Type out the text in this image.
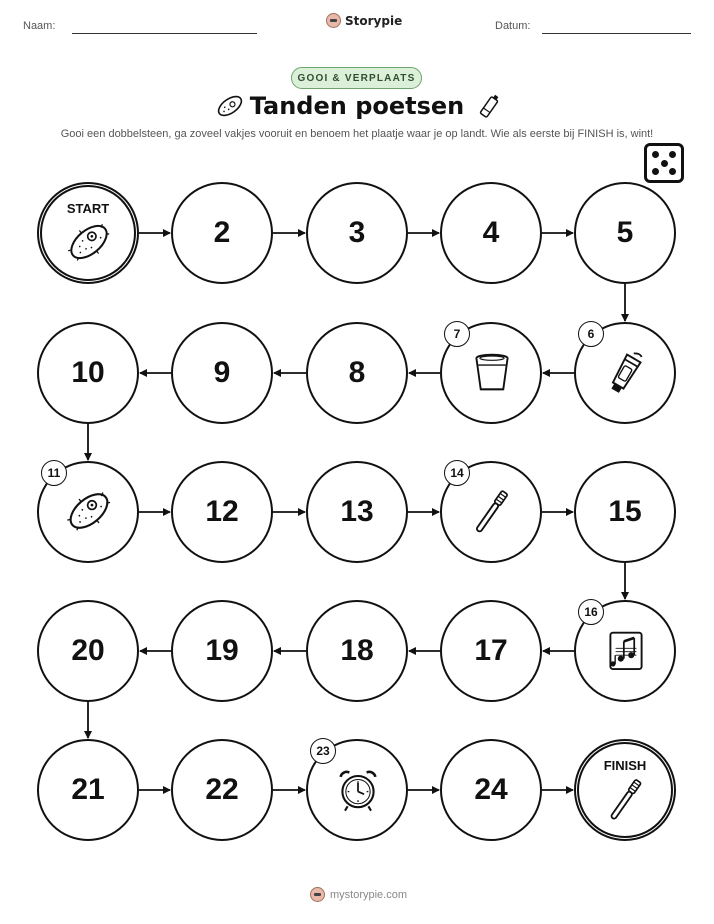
Naam:	Storypie	Datum:
GOOI & VERPLAATS
Tanden poetsen
Gooi een dobbelsteen, ga zoveel vakjes vooruit en benoem het plaatje waar je op landt. Wie als eerste bij FINISH is, wint!
START
2	3	4	5
6
7
8
9
10
11
12	13
14
15
16
17
18
19
20
21	22
23
24
FINISH
mystorypie.com
